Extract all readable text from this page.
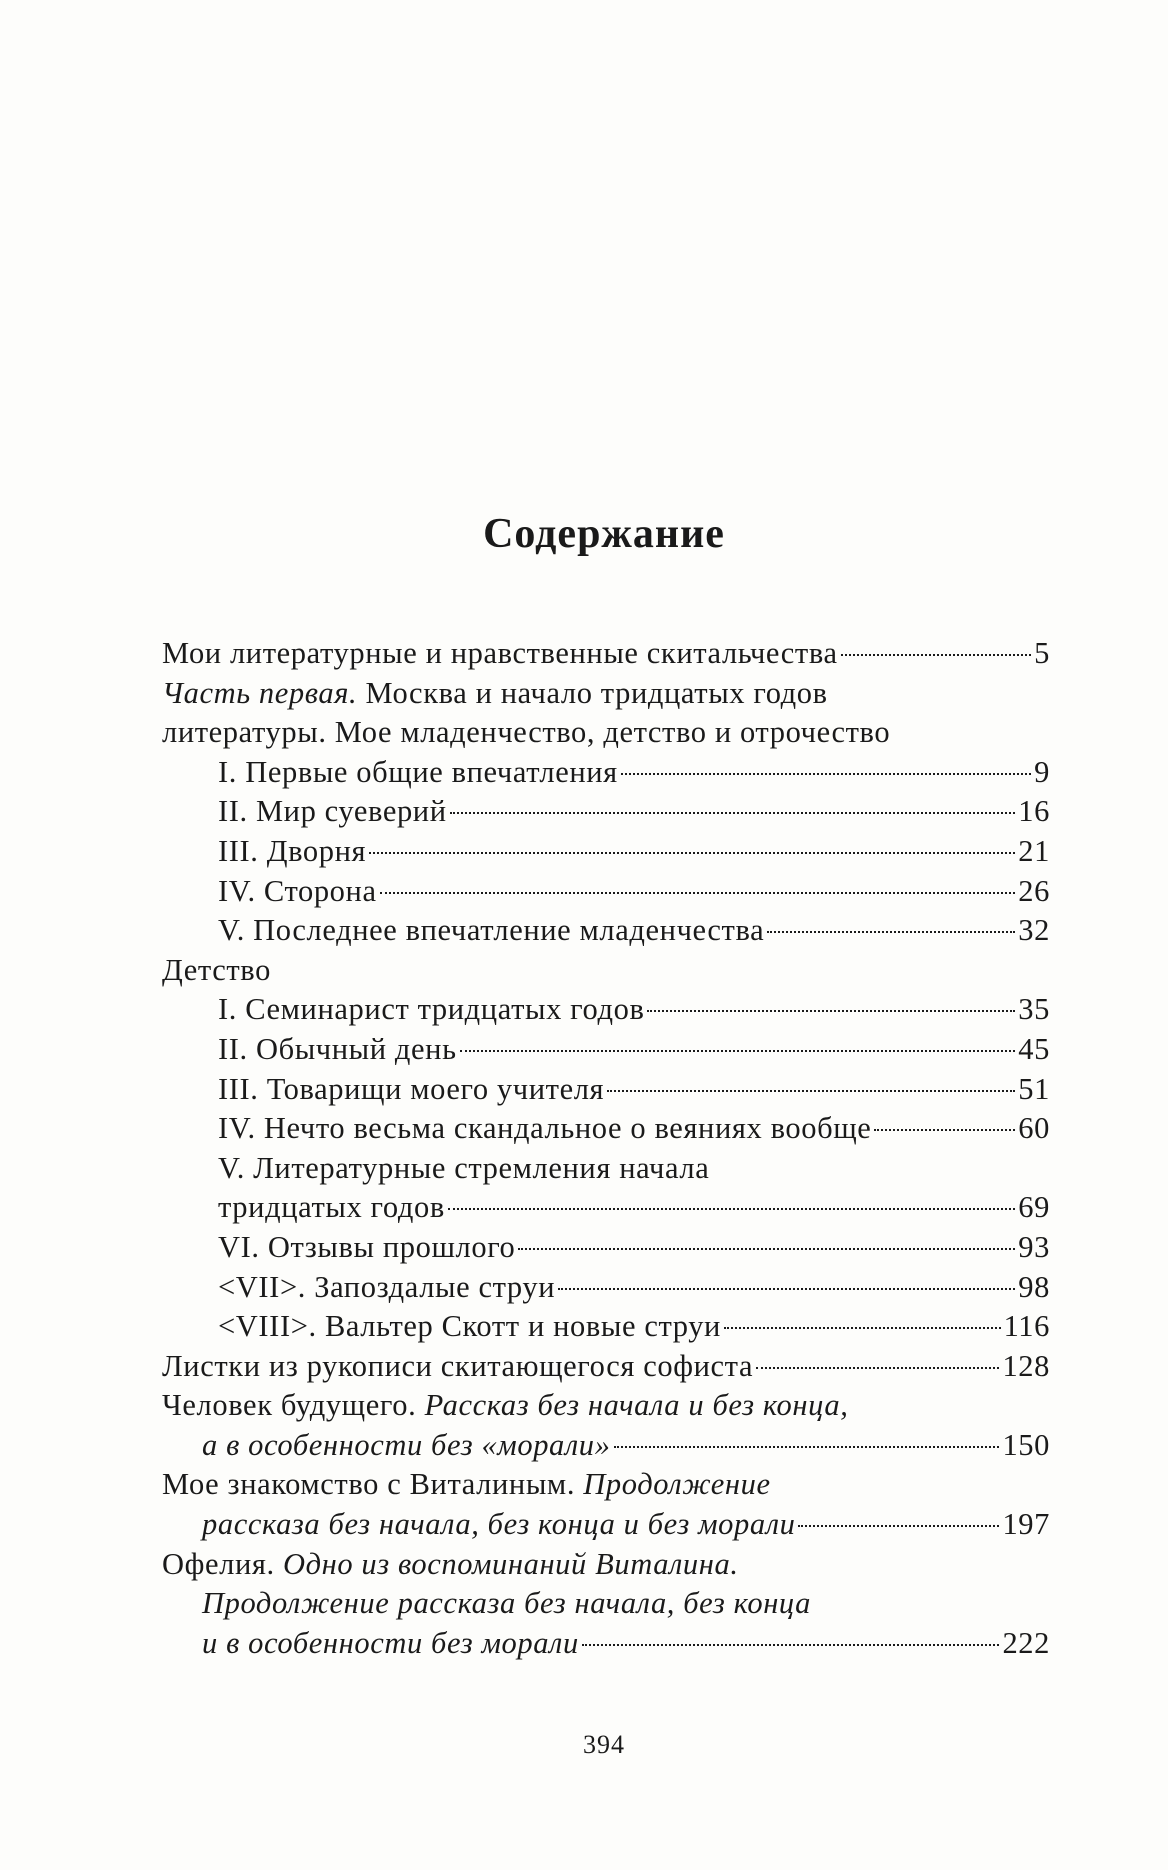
Содержание
Мои литературные и нравственные скитальчества	5
Часть первая. Москва и начало тридцатых годов
литературы. Мое младенчество, детство и отрочество
I. Первые общие впечатления	9
II. Мир суеверий	16
III. Дворня	21
IV. Сторона	26
V. Последнее впечатление младенчества	32
Детство
I. Семинарист тридцатых годов	35
II. Обычный день	45
III. Товарищи моего учителя	51
IV. Нечто весьма скандальное о веяниях вообще	60
V. Литературные стремления начала
тридцатых годов	69
VI. Отзывы прошлого	93
<VII>. Запоздалые струи	98
<VIII>. Вальтер Скотт и новые струи	116
Листки из рукописи скитающегося софиста	128
Человек будущего. Рассказ без начала и без конца,
а в особенности без «морали»	150
Мое знакомство с Виталиным. Продолжение
рассказа без начала, без конца и без морали	197
Офелия. Одно из воспоминаний Виталина.
Продолжение рассказа без начала, без конца
и в особенности без морали	222
394
